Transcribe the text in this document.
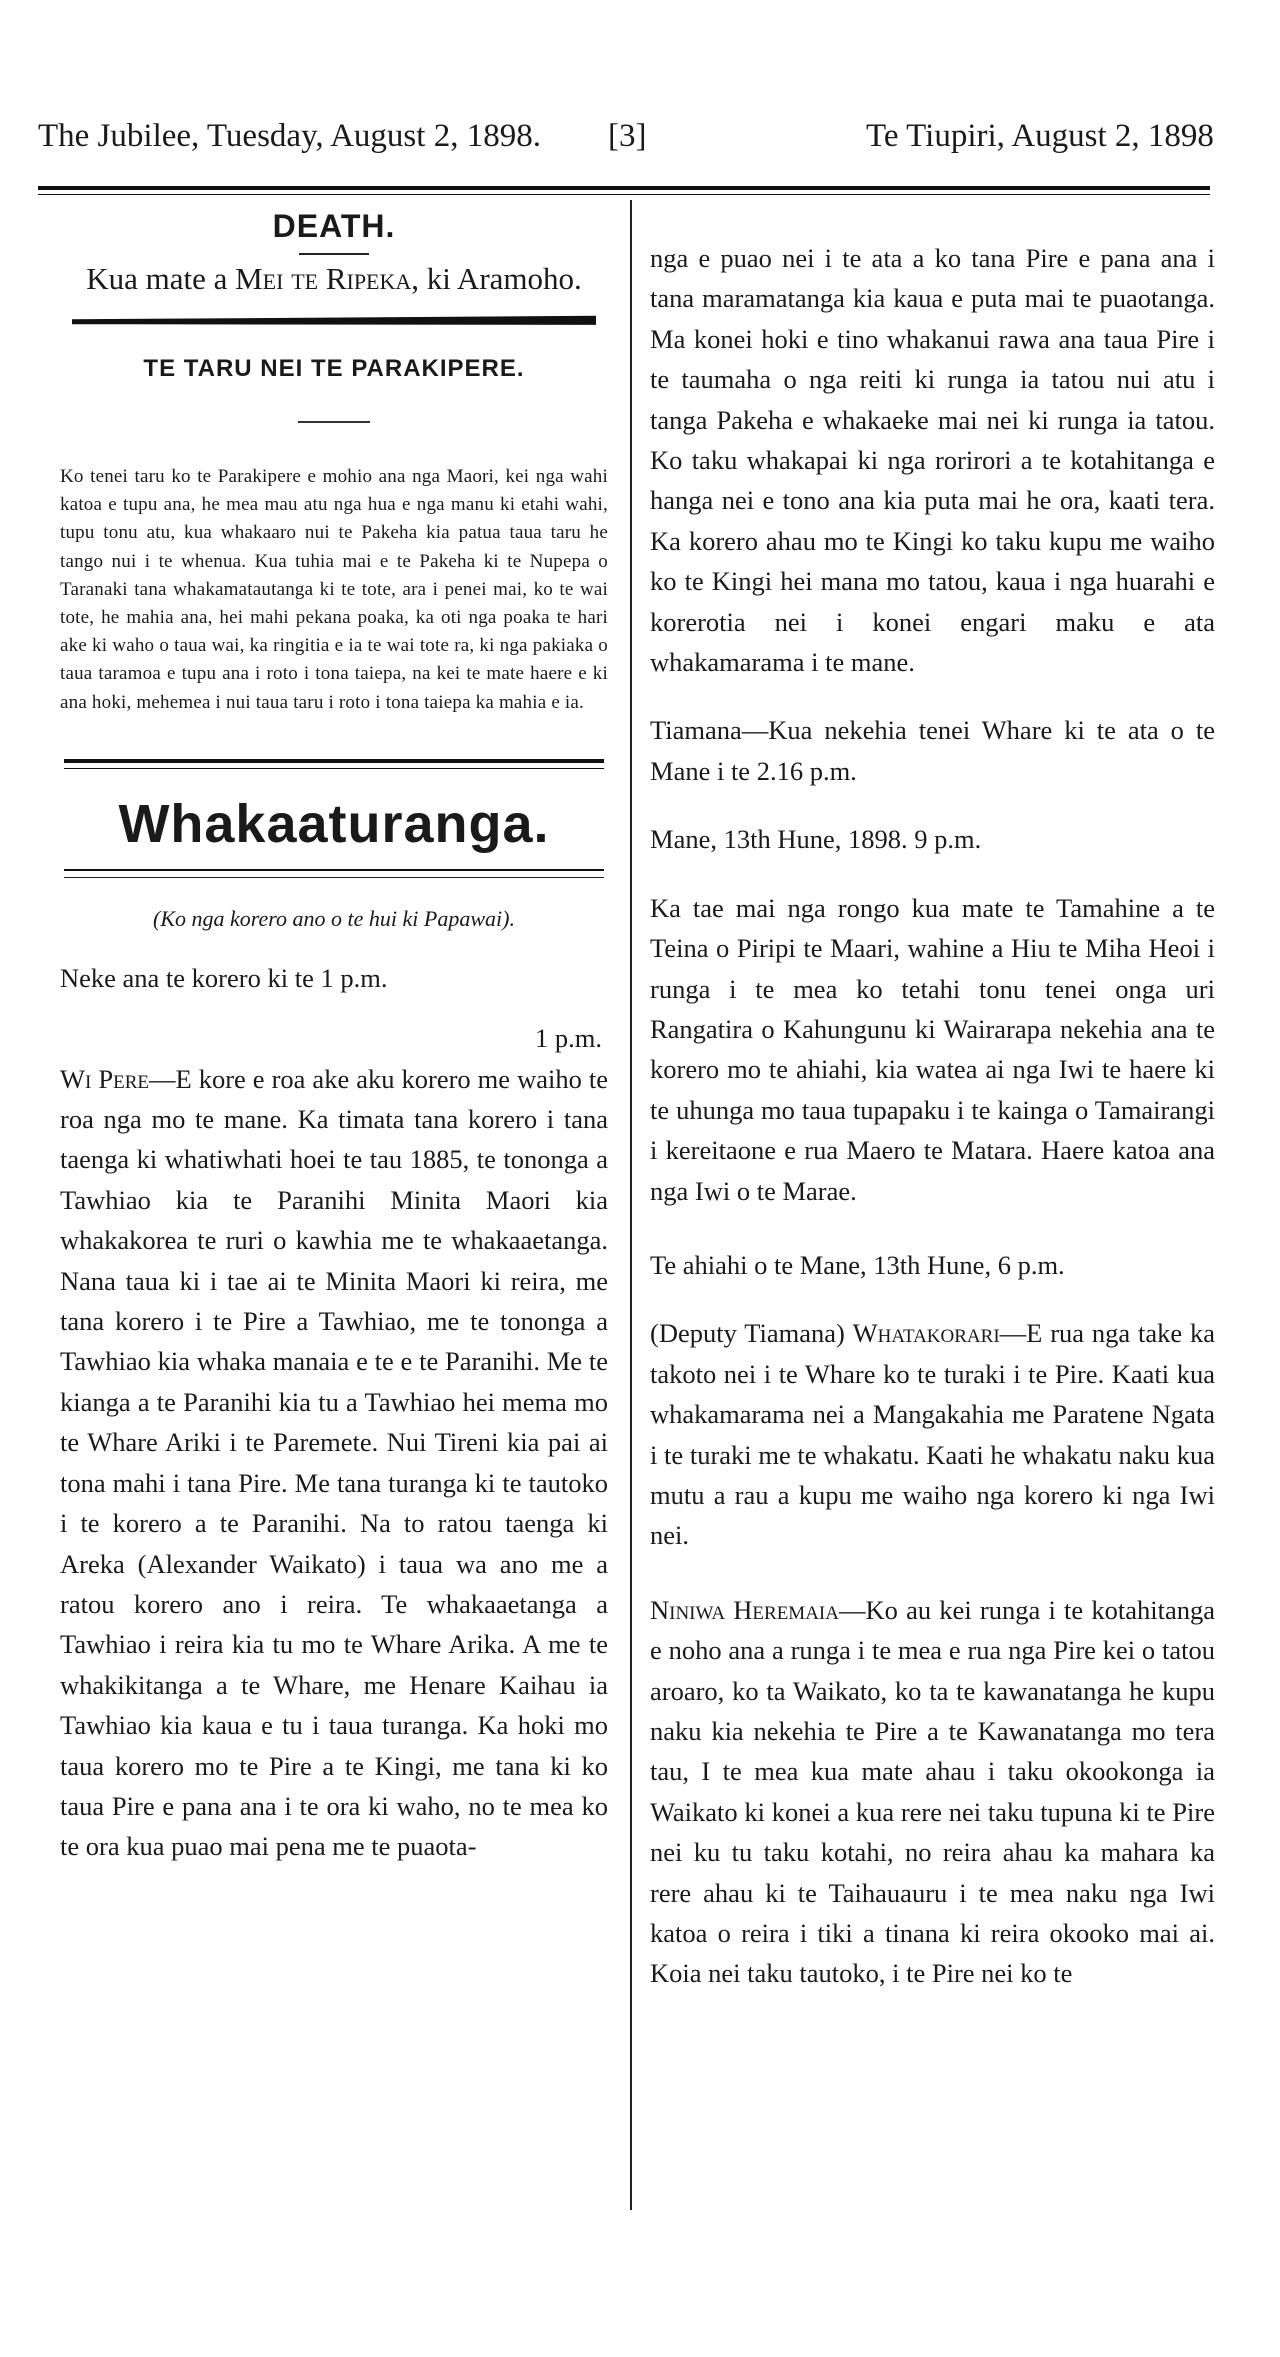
The Jubilee, Tuesday, August 2, 1898. [3]	Te Tiupiri, August 2, 1898
DEATH.

Kua mate a Mei te Ripeka, ki Aramoho.

TE TARU NEI TE PARAKIPERE.

Ko tenei taru ko te Parakipere e mohio ana nga Maori, kei nga wahi katoa e tupu ana, he mea mau atu nga hua e nga manu ki etahi wahi, tupu tonu atu, kua whakaaro nui te Pakeha kia patua taua taru he tango nui i te whenua. Kua tuhia mai e te Pakeha ki te Nupepa o Taranaki tana whakamatautanga ki te tote, ara i penei mai, ko te wai tote, he mahia ana, hei mahi pekana poaka, ka oti nga poaka te hari ake ki waho o taua wai, ka ringitia e ia te wai tote ra, ki nga pakiaka o taua taramoa e tupu ana i roto i tona taiepa, na kei te mate haere e ki ana hoki, mehemea i nui taua taru i roto i tona taiepa ka mahia e ia.

Whakaaturanga.

(Ko nga korero ano o te hui ki Papawai).

Neke ana te korero ki te 1 p.m.

1 p.m.

Wi Pere—E kore e roa ake aku korero me waiho te roa nga mo te mane. Ka timata tana korero i tana taenga ki whatiwhati hoei te tau 1885, te tononga a Tawhiao kia te Paranihi Minita Maori kia whakakorea te ruri o kawhia me te whakaaetanga. Nana taua ki i tae ai te Minita Maori ki reira, me tana korero i te Pire a Tawhiao, me te tononga a Tawhiao kia whaka manaia e te e te Paranihi. Me te kianga a te Paranihi kia tu a Tawhiao hei mema mo te Whare Ariki i te Paremete. Nui Tireni kia pai ai tona mahi i tana Pire. Me tana turanga ki te tautoko i te korero a te Paranihi. Na to ratou taenga ki Areka (Alexander Waikato) i taua wa ano me a ratou korero ano i reira. Te whakaaetanga a Tawhiao i reira kia tu mo te Whare Arika. A me te whakikitanga a te Whare, me Henare Kaihau ia Tawhiao kia kaua e tu i taua turanga. Ka hoki mo taua korero mo te Pire a te Kingi, me tana ki ko taua Pire e pana ana i te ora ki waho, no te mea ko te ora kua puao mai pena me te puaota-

nga e puao nei i te ata a ko tana Pire e pana ana i tana maramatanga kia kaua e puta mai te puaotanga. Ma konei hoki e tino whakanui rawa ana taua Pire i te taumaha o nga reiti ki runga ia tatou nui atu i tanga Pakeha e whakaeke mai nei ki runga ia tatou. Ko taku whakapai ki nga rorirori a te kotahitanga e hanga nei e tono ana kia puta mai he ora, kaati tera. Ka korero ahau mo te Kingi ko taku kupu me waiho ko te Kingi hei mana mo tatou, kaua i nga huarahi e korerotia nei i konei engari maku e ata whakamarama i te mane.

Tiamana—Kua nekehia tenei Whare ki te ata o te Mane i te 2.16 p.m.

Mane, 13th Hune, 1898. 9 p.m.

Ka tae mai nga rongo kua mate te Tamahine a te Teina o Piripi te Maari, wahine a Hiu te Miha Heoi i runga i te mea ko tetahi tonu tenei onga uri Rangatira o Kahungunu ki Wairarapa nekehia ana te korero mo te ahiahi, kia watea ai nga Iwi te haere ki te uhunga mo taua tupapaku i te kainga o Tamairangi i kereitaone e rua Maero te Matara. Haere katoa ana nga Iwi o te Marae.

Te ahiahi o te Mane, 13th Hune, 6 p.m.

(Deputy Tiamana) Whatakorari—E rua nga take ka takoto nei i te Whare ko te turaki i te Pire. Kaati kua whakamarama nei a Mangakahia me Paratene Ngata i te turaki me te whakatu. Kaati he whakatu naku kua mutu a rau a kupu me waiho nga korero ki nga Iwi nei.

Niniwa Heremaia—Ko au kei runga i te kotahitanga e noho ana a runga i te mea e rua nga Pire kei o tatou aroaro, ko ta Waikato, ko ta te kawanatanga he kupu naku kia nekehia te Pire a te Kawanatanga mo tera tau, I te mea kua mate ahau i taku okookonga ia Waikato ki konei a kua rere nei taku tupuna ki te Pire nei ku tu taku kotahi, no reira ahau ka mahara ka rere ahau ki te Taihauauru i te mea naku nga Iwi katoa o reira i tiki a tinana ki reira okooko mai ai. Koia nei taku tautoko, i te Pire nei ko te
